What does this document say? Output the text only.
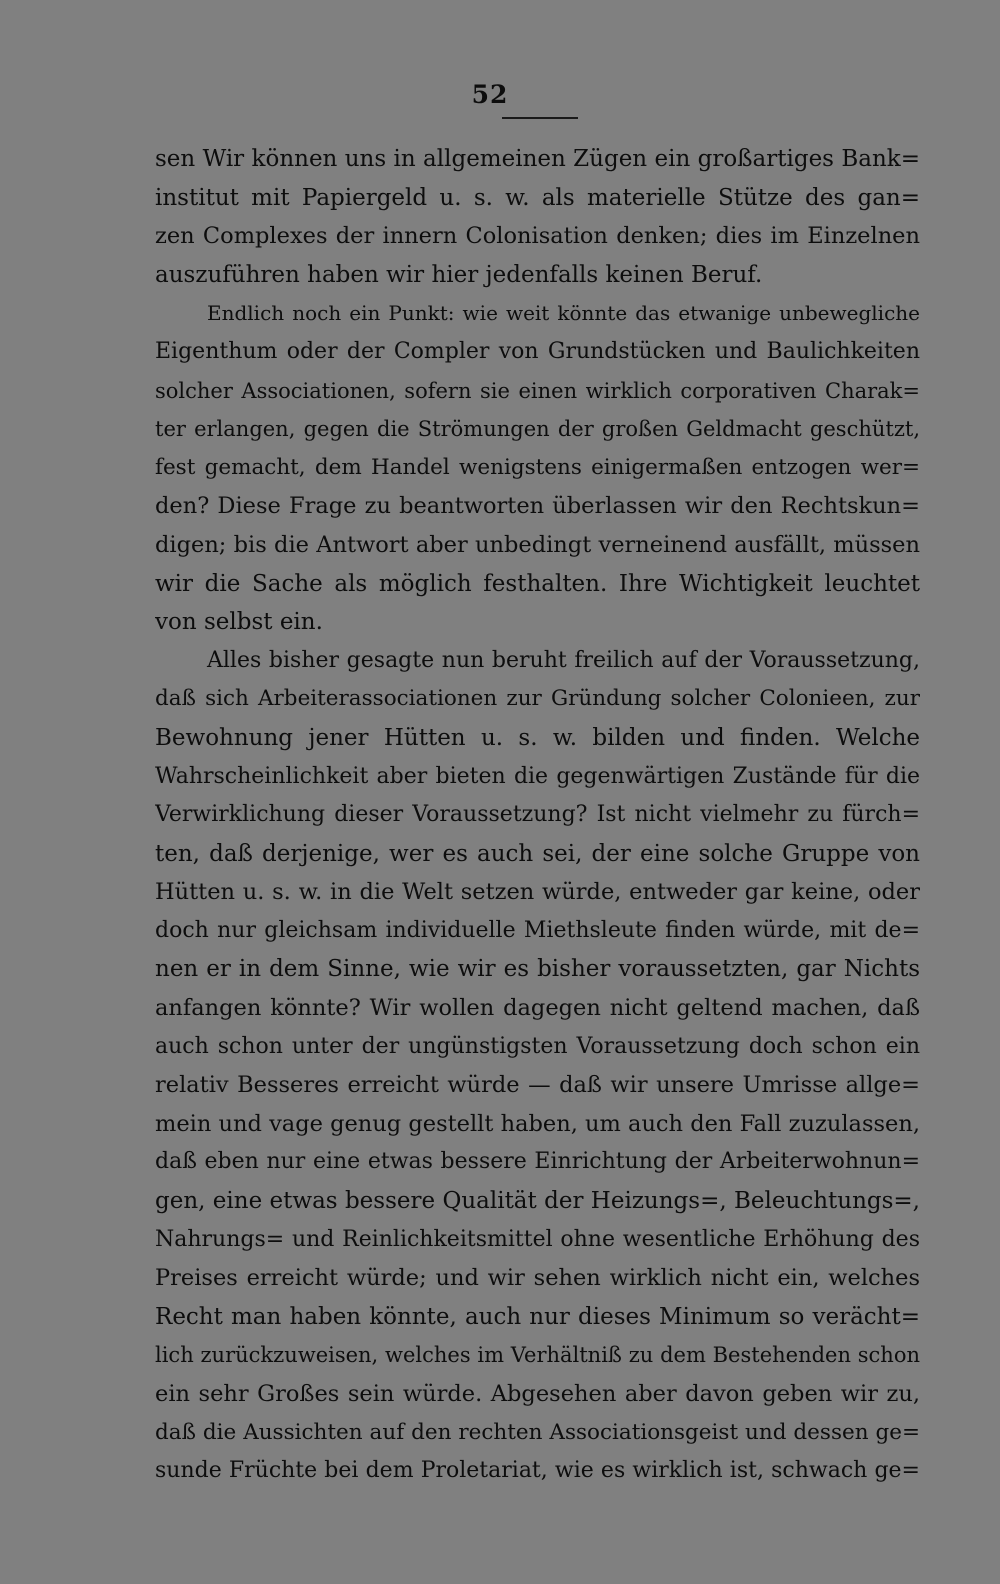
52
sen Wir können uns in allgemeinen Zügen ein großartiges Bank=
institut mit Papiergeld u. s. w. als materielle Stütze des gan=
zen Complexes der innern Colonisation denken; dies im Einzelnen
auszuführen haben wir hier jedenfalls keinen Beruf.
Endlich noch ein Punkt: wie weit könnte das etwanige unbewegliche
Eigenthum oder der Compler von Grundstücken und Baulichkeiten
solcher Associationen, sofern sie einen wirklich corporativen Charak=
ter erlangen, gegen die Strömungen der großen Geldmacht geschützt,
fest gemacht, dem Handel wenigstens einigermaßen entzogen wer=
den? Diese Frage zu beantworten überlassen wir den Rechtskun=
digen; bis die Antwort aber unbedingt verneinend ausfällt, müssen
wir die Sache als möglich festhalten. Ihre Wichtigkeit leuchtet
von selbst ein.
Alles bisher gesagte nun beruht freilich auf der Voraussetzung,
daß sich Arbeiterassociationen zur Gründung solcher Colonieen, zur
Bewohnung jener Hütten u. s. w. bilden und finden. Welche
Wahrscheinlichkeit aber bieten die gegenwärtigen Zustände für die
Verwirklichung dieser Voraussetzung? Ist nicht vielmehr zu fürch=
ten, daß derjenige, wer es auch sei, der eine solche Gruppe von
Hütten u. s. w. in die Welt setzen würde, entweder gar keine, oder
doch nur gleichsam individuelle Miethsleute finden würde, mit de=
nen er in dem Sinne, wie wir es bisher voraussetzten, gar Nichts
anfangen könnte? Wir wollen dagegen nicht geltend machen, daß
auch schon unter der ungünstigsten Voraussetzung doch schon ein
relativ Besseres erreicht würde — daß wir unsere Umrisse allge=
mein und vage genug gestellt haben, um auch den Fall zuzulassen,
daß eben nur eine etwas bessere Einrichtung der Arbeiterwohnun=
gen, eine etwas bessere Qualität der Heizungs=, Beleuchtungs=,
Nahrungs= und Reinlichkeitsmittel ohne wesentliche Erhöhung des
Preises erreicht würde; und wir sehen wirklich nicht ein, welches
Recht man haben könnte, auch nur dieses Minimum so verächt=
lich zurückzuweisen, welches im Verhältniß zu dem Bestehenden schon
ein sehr Großes sein würde. Abgesehen aber davon geben wir zu,
daß die Aussichten auf den rechten Associationsgeist und dessen ge=
sunde Früchte bei dem Proletariat, wie es wirklich ist, schwach ge=
